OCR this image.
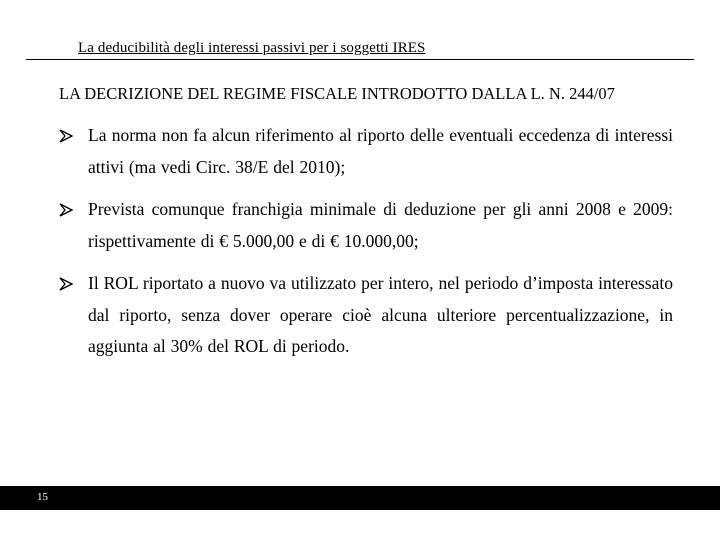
La deducibilità degli interessi passivi per i soggetti IRES
LA DECRIZIONE DEL REGIME FISCALE INTRODOTTO DALLA L. N. 244/07
La norma non fa alcun riferimento al riporto delle eventuali eccedenza di interessi attivi (ma vedi Circ. 38/E del 2010);
Prevista comunque franchigia minimale di deduzione per gli anni 2008 e 2009: rispettivamente di € 5.000,00 e di € 10.000,00;
Il ROL riportato a nuovo va utilizzato per intero, nel periodo d’imposta interessato dal riporto, senza dover operare cioè alcuna ulteriore percentualizzazione, in aggiunta al 30% del ROL di periodo.
15
